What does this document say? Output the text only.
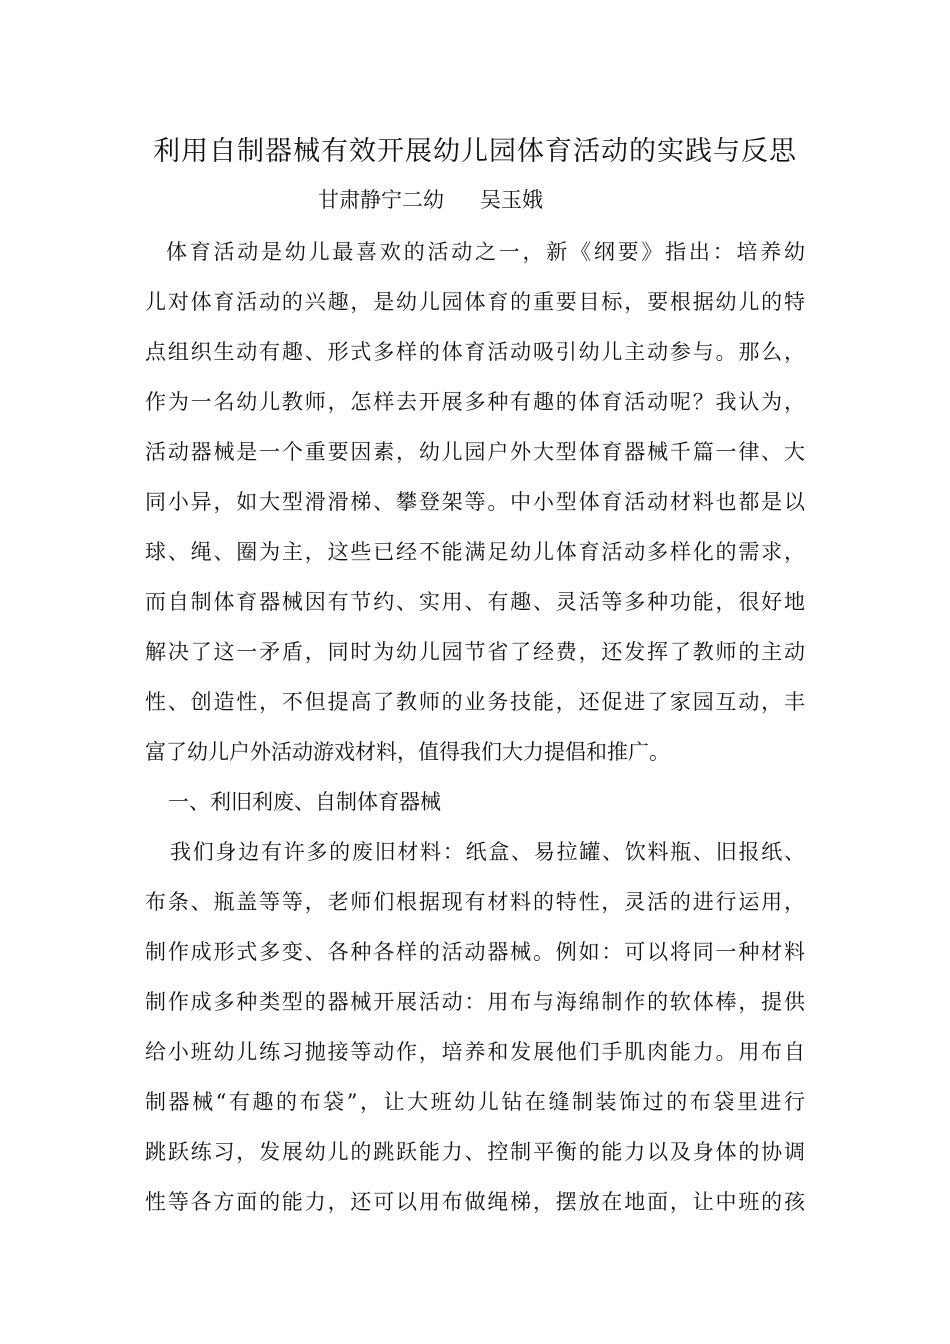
利用自制器械有效开展幼儿园体育活动的实践与反思
甘肃静宁二幼 吴玉娥
体育活动是幼儿最喜欢的活动之一，新《纲要》指出：培养幼
儿对体育活动的兴趣，是幼儿园体育的重要目标，要根据幼儿的特
点组织生动有趣、形式多样的体育活动吸引幼儿主动参与。那么，
作为一名幼儿教师，怎样去开展多种有趣的体育活动呢？我认为，
活动器械是一个重要因素，幼儿园户外大型体育器械千篇一律、大
同小异，如大型滑滑梯、攀登架等。中小型体育活动材料也都是以
球、绳、圈为主，这些已经不能满足幼儿体育活动多样化的需求，
而自制体育器械因有节约、实用、有趣、灵活等多种功能，很好地
解决了这一矛盾，同时为幼儿园节省了经费，还发挥了教师的主动
性、创造性，不但提高了教师的业务技能，还促进了家园互动，丰
富了幼儿户外活动游戏材料，值得我们大力提倡和推广。
一、利旧利废、自制体育器械
我们身边有许多的废旧材料：纸盒、易拉罐、饮料瓶、旧报纸、
布条、瓶盖等等，老师们根据现有材料的特性，灵活的进行运用，
制作成形式多变、各种各样的活动器械。例如：可以将同一种材料
制作成多种类型的器械开展活动：用布与海绵制作的软体棒，提供
给小班幼儿练习抛接等动作，培养和发展他们手肌肉能力。用布自
制器械“有趣的布袋”，让大班幼儿钻在缝制装饰过的布袋里进行
跳跃练习，发展幼儿的跳跃能力、控制平衡的能力以及身体的协调
性等各方面的能力，还可以用布做绳梯，摆放在地面，让中班的孩
